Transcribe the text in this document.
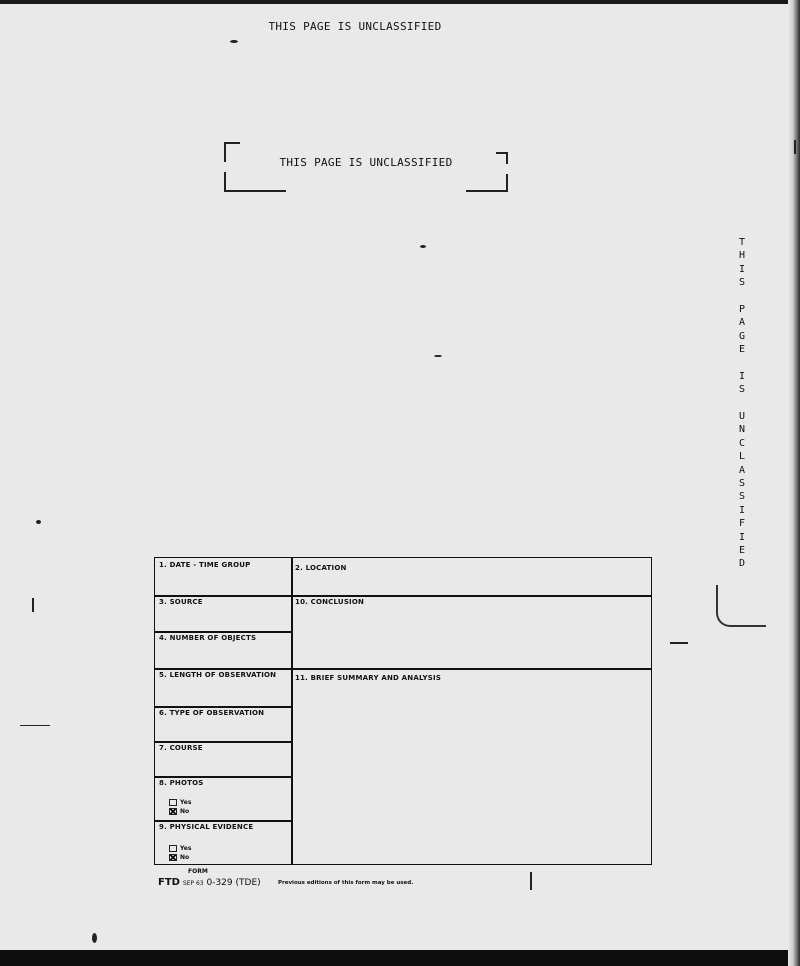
THIS PAGE IS UNCLASSIFIED
THIS PAGE IS UNCLASSIFIED
T
H
I
S
P
A
G
E
I
S
U
N
C
L
A
S
S
I
F
I
E
D
1. DATE - TIME GROUP
3. SOURCE
4. NUMBER OF OBJECTS
5. LENGTH OF OBSERVATION
6. TYPE OF OBSERVATION
7. COURSE
8. PHOTOS
Yes
No
9. PHYSICAL EVIDENCE
Yes
No
2. LOCATION
10. CONCLUSION
11. BRIEF SUMMARY AND ANALYSIS
FORM
FTD SEP 63 0-329 (TDE)	Previous editions of this form may be used.
